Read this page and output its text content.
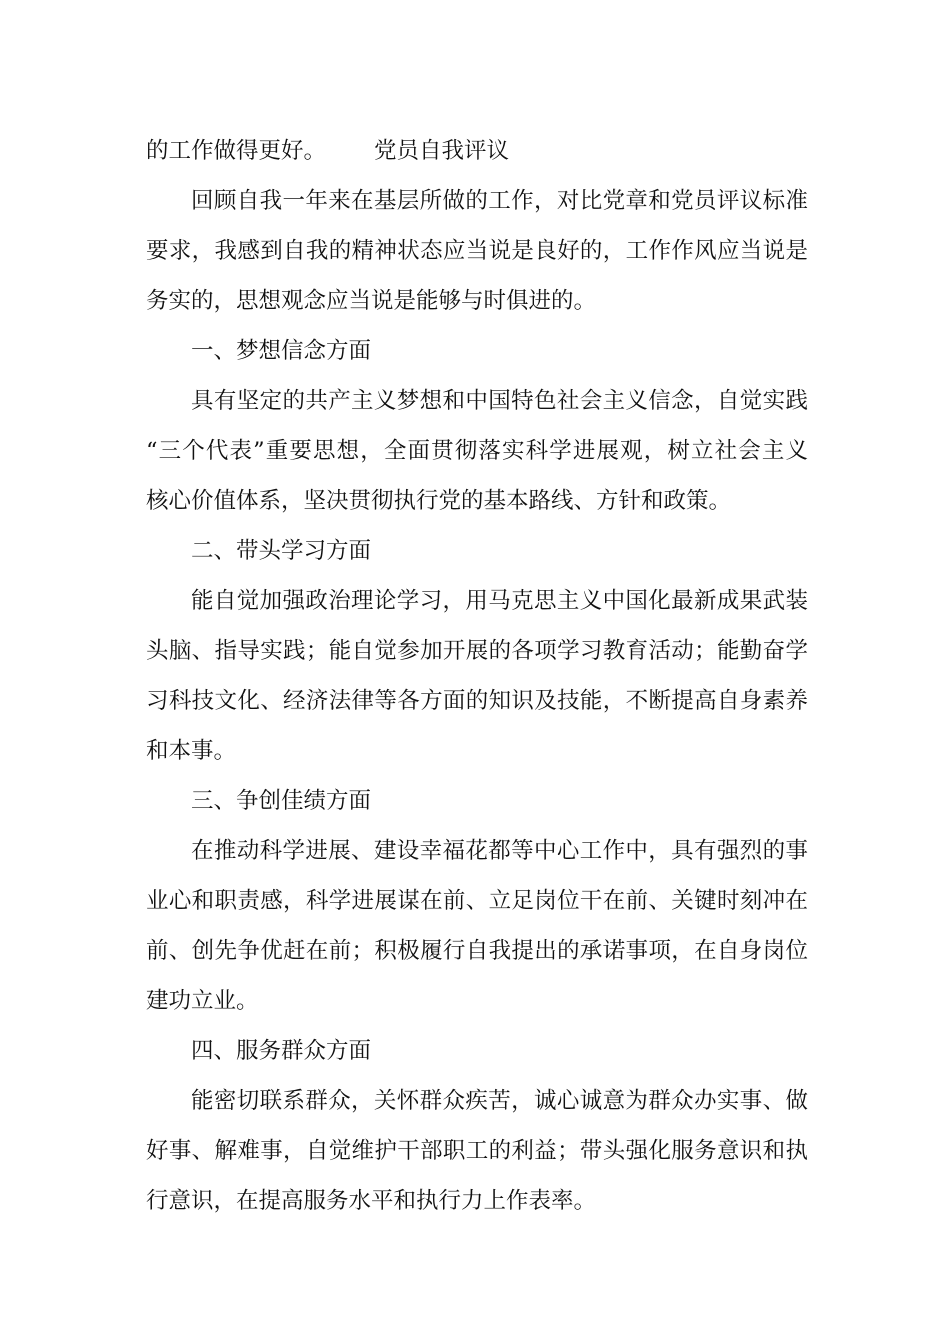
的工作做得更好。 党员自我评议
回顾自我一年来在基层所做的工作，对比党章和党员评议标准
要求，我感到自我的精神状态应当说是良好的，工作作风应当说是
务实的，思想观念应当说是能够与时俱进的。
一、梦想信念方面
具有坚定的共产主义梦想和中国特色社会主义信念，自觉实践
“三个代表”重要思想，全面贯彻落实科学进展观，树立社会主义
核心价值体系，坚决贯彻执行党的基本路线、方针和政策。
二、带头学习方面
能自觉加强政治理论学习，用马克思主义中国化最新成果武装
头脑、指导实践；能自觉参加开展的各项学习教育活动；能勤奋学
习科技文化、经济法律等各方面的知识及技能，不断提高自身素养
和本事。
三、争创佳绩方面
在推动科学进展、建设幸福花都等中心工作中，具有强烈的事
业心和职责感，科学进展谋在前、立足岗位干在前、关键时刻冲在
前、创先争优赶在前；积极履行自我提出的承诺事项，在自身岗位
建功立业。
四、服务群众方面
能密切联系群众，关怀群众疾苦，诚心诚意为群众办实事、做
好事、解难事，自觉维护干部职工的利益；带头强化服务意识和执
行意识，在提高服务水平和执行力上作表率。
